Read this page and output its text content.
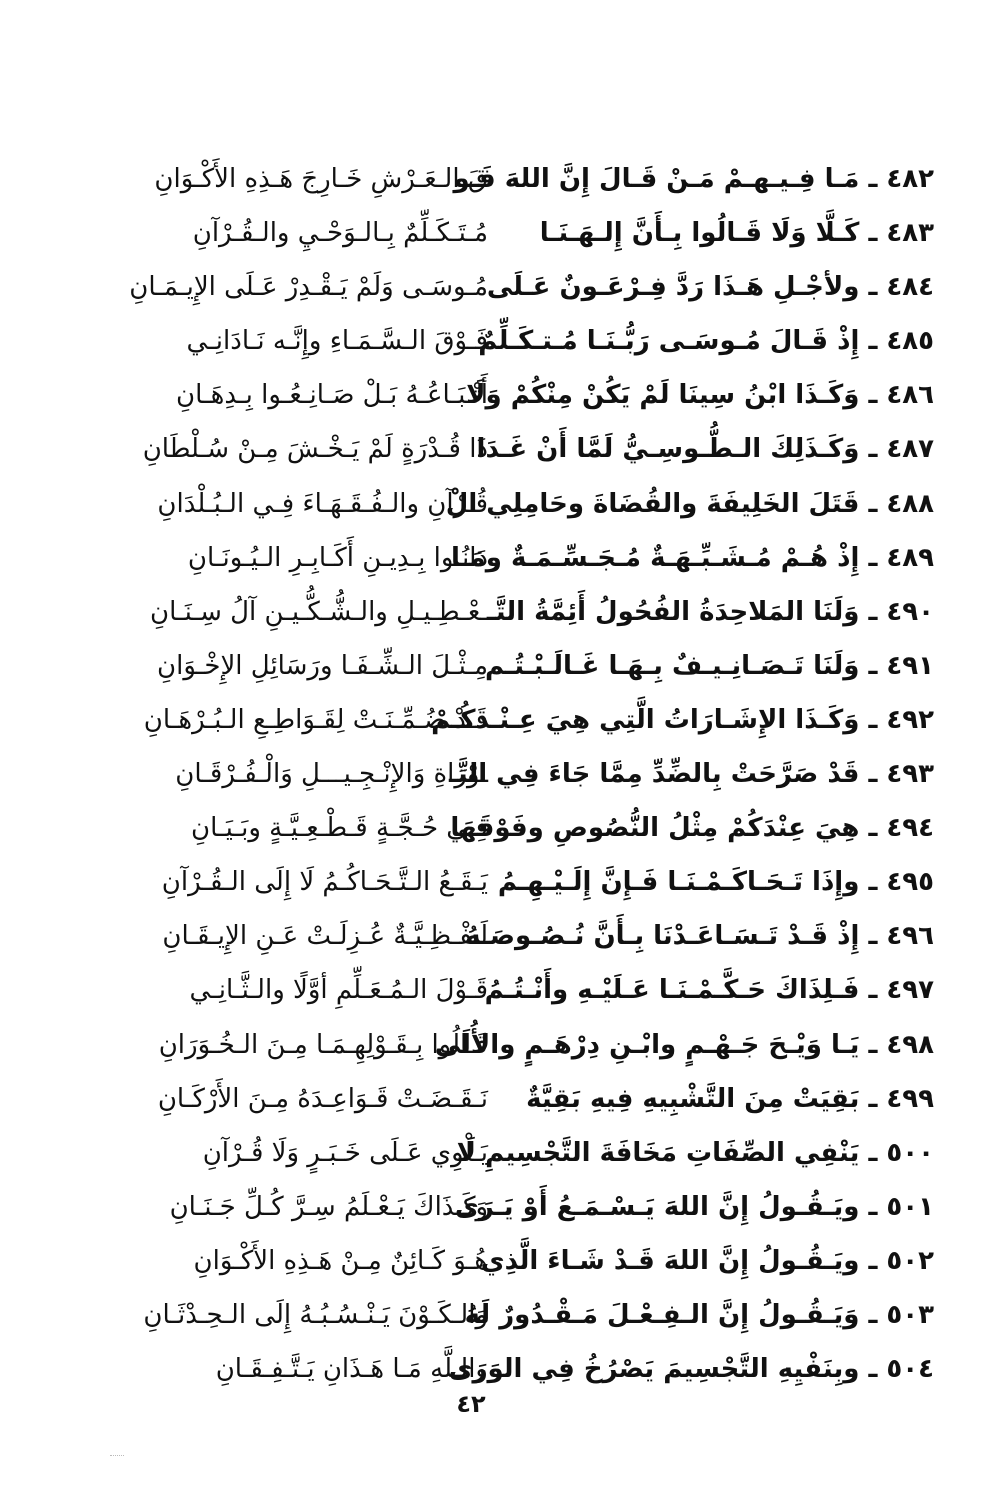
٤٨٢ ـ مَـا فِـيـهـمْ مَـنْ قَـالَ إِنَّ اللهَ فَـو
قَ الـعَـرْشِ خَـارِجَ هَـذِهِ الأَكْـوَانِ
٤٨٣ ـ كَـلَّا وَلَا قَـالُوا بِـأَنَّ إِلـهَـنَـا
مُـتَـكَـلِّمٌ بِـالـوَحْـيِ والـقُـرْآنِ
٤٨٤ ـ ولأجْـلِ هَـذَا رَدَّ فِـرْعَـونٌ عَـلَى
مُـوسَـى وَلَمْ يَـقْـدِرْ عَـلَى الإِيـمَـانِ
٤٨٥ ـ إِذْ قَـالَ مُـوسَـى رَبُّـنَـا مُـتـكَـلِّمٌ
فَـوْقَ الـسَّـمَـاءِ وإِنَّـه نَـادَانِـي
٤٨٦ ـ وَكَـذَا ابْنُ سِينَا لَمْ يَكُنْ مِنْكُمْ وَلَا
أَتْـبَـاعُـهُ بَـلْ صَـانِـعُـوا بِـدِهَـانِ
٤٨٧ ـ وَكَـذَلِكَ الـطُّـوسِـيُّ لَمَّا أَنْ غَـدَا
ذَا قُـدْرَةٍ لَمْ يَـخْـشَ مِـنْ سُـلْطَانِ
٤٨٨ ـ قَتَلَ الخَلِيفَةَ والقُضَاةَ وحَامِلِي الْ
قُـرْآنِ والـفُـقَـهَـاءَ فِـي الـبُـلْدَانِ
٤٨٩ ـ إِذْ هُـمْ مُـشَـبِّـهَـةٌ مُـجَـسِّـمَـةٌ ومَـا
دَانُـوا بِـدِيـنِ أَكَـابِـرِ الـيُـونَـانِ
٤٩٠ ـ وَلَنَا المَلاحِدَةُ الفُحُولُ أَئِمَّةُ التَّـ
ـعْـطِـيـلِ والـشُّـكُّـيـنِ آلُ سِـنَـانِ
٤٩١ ـ وَلَنَا تَـصَـانِـيـفٌ بِـهَـا غَـالَـبْـتُـم
مِـثْـلَ الـشِّـفَـا ورَسَائِلِ الإِخْـوَانِ
٤٩٢ ـ وَكَـذَا الإِشَـارَاتُ الَّتِي هِيَ عِـنْـدكُـمْ
قَـدْ ضُـمِّـنَـتْ لِقَـوَاطِـعِ الـبُـرْهَـانِ
٤٩٣ ـ قَدْ صَرَّحَتْ بِالضِّدِّ مِمَّا جَاءَ فِي التَّـ
ـوْرَاةِ وَالإِنْـجِـيـــلِ وَالْـفُـرْقَـانِ
٤٩٤ ـ هِيَ عِنْدَكُمْ مِثْلُ النُّصُوصِ وفَوْقَهَا
فِـي حُـجَّـةٍ قَـطْـعِـيَّـةٍ وبَـيَـانِ
٤٩٥ ـ وإِذَا تَـحَـاكَـمْـنَـا فَـإِنَّ إِلَـيْـهِـمُ
يَـقَـعُ الـتَّـحَـاكُـمُ لَا إِلَى الـقُـرْآنِ
٤٩٦ ـ إِذْ قَـدْ تَـسَـاعَـدْنَا بِـأَنَّ نُـصُـوصَـهُ
لَـفْـظِـيَّـةٌ عُـزِلَـتْ عَـنِ الإِيـقَـانِ
٤٩٧ ـ فَـلِذَاكَ حَـكَّـمْـنَـا عَـلَيْـهِ وأَنْـتُـمُ
قَـوْلَ الـمُـعَـلِّمِ أوَّلًا والـثَّـانِـي
٤٩٨ ـ يَـا وَيْـحَ جَـهْـمٍ وابْـنِ دِرْهَـمٍ والأُلَى
قَـالُوا بِـقَـوْلِهِـمَـا مِـنَ الـخُـوَرَانِ
٤٩٩ ـ بَقِيَتْ مِنَ التَّشْبِيهِ فِيهِ بَقِيَّةٌ
نَـقَـضَـتْ قَـوَاعِـدَهُ مِـنَ الأَرْكَـانِ
٥٠٠ ـ يَنْفِي الصِّفَاتِ مَخَافَةَ التَّجْسِيمِ لَا
يَـلْوِي عَـلَى خَـبَـرٍ وَلَا قُـرْآنِ
٥٠١ ـ ويَـقُـولُ إِنَّ اللهَ يَـسْـمَـعُ أَوْ يَـرَى
وَكَـذَاكَ يَـعْـلَمُ سِـرَّ كُـلِّ جَـنَـانِ
٥٠٢ ـ ويَـقُـولُ إِنَّ اللهَ قَـدْ شَـاءَ الَّذِي
هُـوَ كَـائِنٌ مِـنْ هَـذِهِ الأَكْـوَانِ
٥٠٣ ـ وَيَـقُـولُ إِنَّ الـفِـعْـلَ مَـقْـدُورٌ لَهُ
وَالـكَـوْنَ يَـنْـسُـبُـهُ إِلَى الـحِـدْثَـانِ
٥٠٤ ـ وبِنَفْيِهِ التَّجْسِيمَ يَصْرُخُ فِي الوَرَى
والـلَّهِ مَـا هَـذَانِ يَـتَّـفِـقَـانِ
٤٢
